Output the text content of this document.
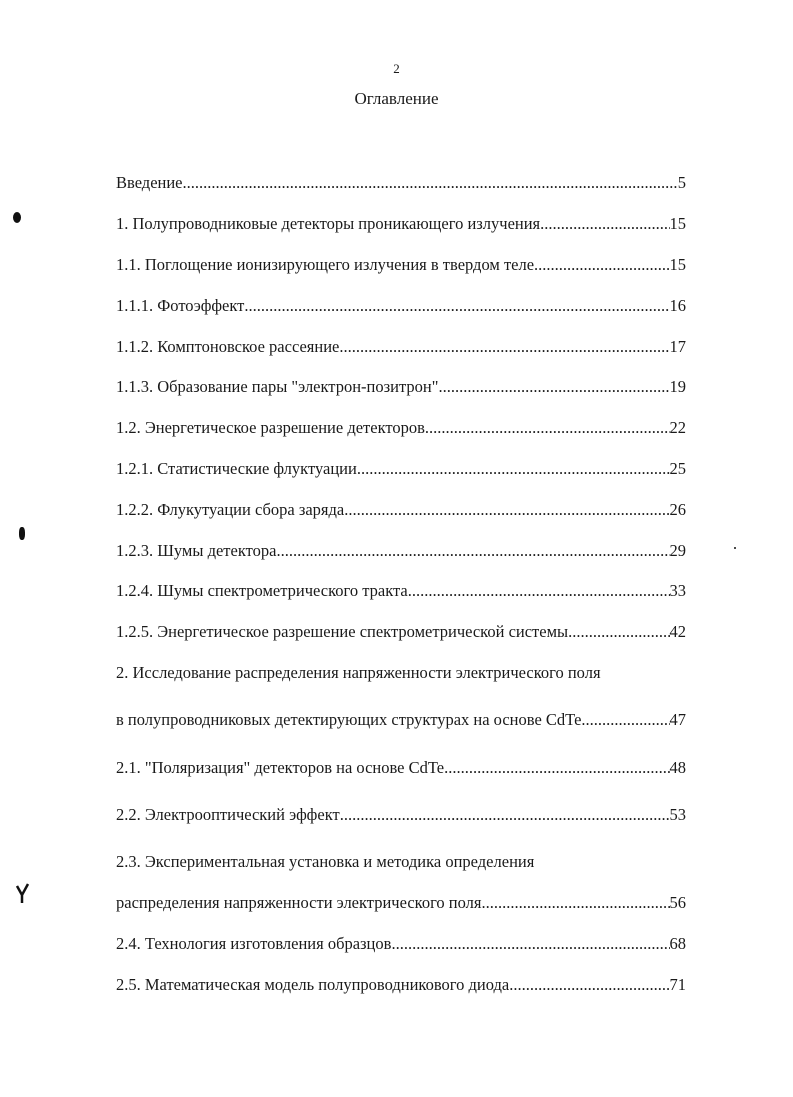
2
Оглавление
Введение .....	5
1. Полупроводниковые детекторы проникающего излучения .....	15
1.1. Поглощение ионизирующего излучения в твердом теле .....	15
1.1.1. Фотоэффект .....	16
1.1.2. Комптоновское рассеяние .....	17
1.1.3. Образование пары "электрон-позитрон" .....	19
1.2. Энергетическое разрешение детекторов .....	22
1.2.1. Статистические флуктуации .....	25
1.2.2. Флукутуации сбора заряда .....	26
1.2.3. Шумы детектора .....	29
1.2.4. Шумы спектрометрического тракта .....	33
1.2.5. Энергетическое разрешение спектрометрической системы .....	42
2. Исследование распределения напряженности электрического поля
в полупроводниковых детектирующих структурах на основе CdTe .....	47
2.1. "Поляризация" детекторов на основе CdTe .....	48
2.2. Электрооптический эффект .....	53
2.3. Экспериментальная установка и методика определения
распределения напряженности электрического поля .....	56
2.4. Технология изготовления образцов .....	68
2.5. Математическая модель полупроводникового диода .....	71
